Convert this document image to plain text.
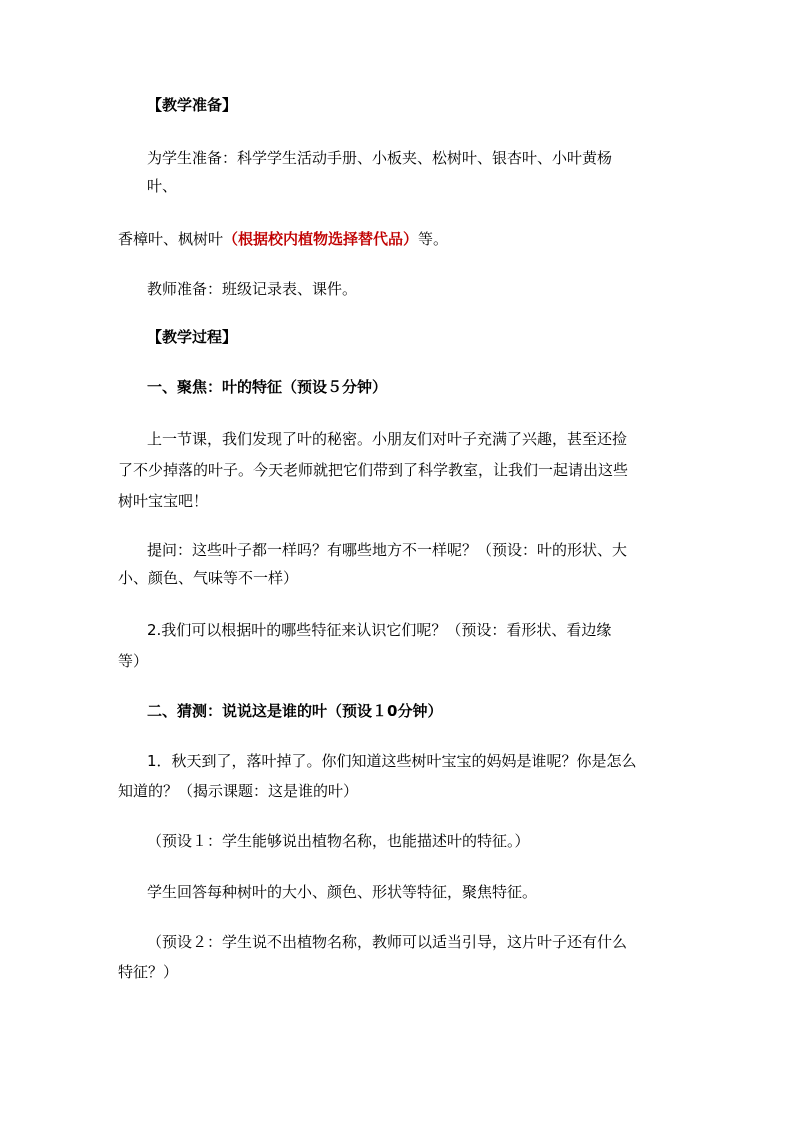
【教学准备】

为学生准备：科学学生活动手册、小板夹、松树叶、银杏叶、小叶黄杨

叶、

香樟叶、枫树叶（根据校内植物选择替代品）等。

教师准备：班级记录表、课件。

【教学过程】

一、聚焦：叶的特征（预设５分钟）

上一节课，我们发现了叶的秘密。小朋友们对叶子充满了兴趣，甚至还捡

了不少掉落的叶子。今天老师就把它们带到了科学教室，让我们一起请出这些

树叶宝宝吧！

提问：这些叶子都一样吗？有哪些地方不一样呢？（预设：叶的形状、大

小、颜色、气味等不一样）

2.我们可以根据叶的哪些特征来认识它们呢？（预设：看形状、看边缘

等）

二、猜测：说说这是谁的叶（预设１0分钟）

1．秋天到了，落叶掉了。你们知道这些树叶宝宝的妈妈是谁呢？你是怎么

知道的？（揭示课题：这是谁的叶）

（预设１：学生能够说出植物名称，也能描述叶的特征。）

学生回答每种树叶的大小、颜色、形状等特征，聚焦特征。

（预设２：学生说不出植物名称，教师可以适当引导，这片叶子还有什么

特征？）
